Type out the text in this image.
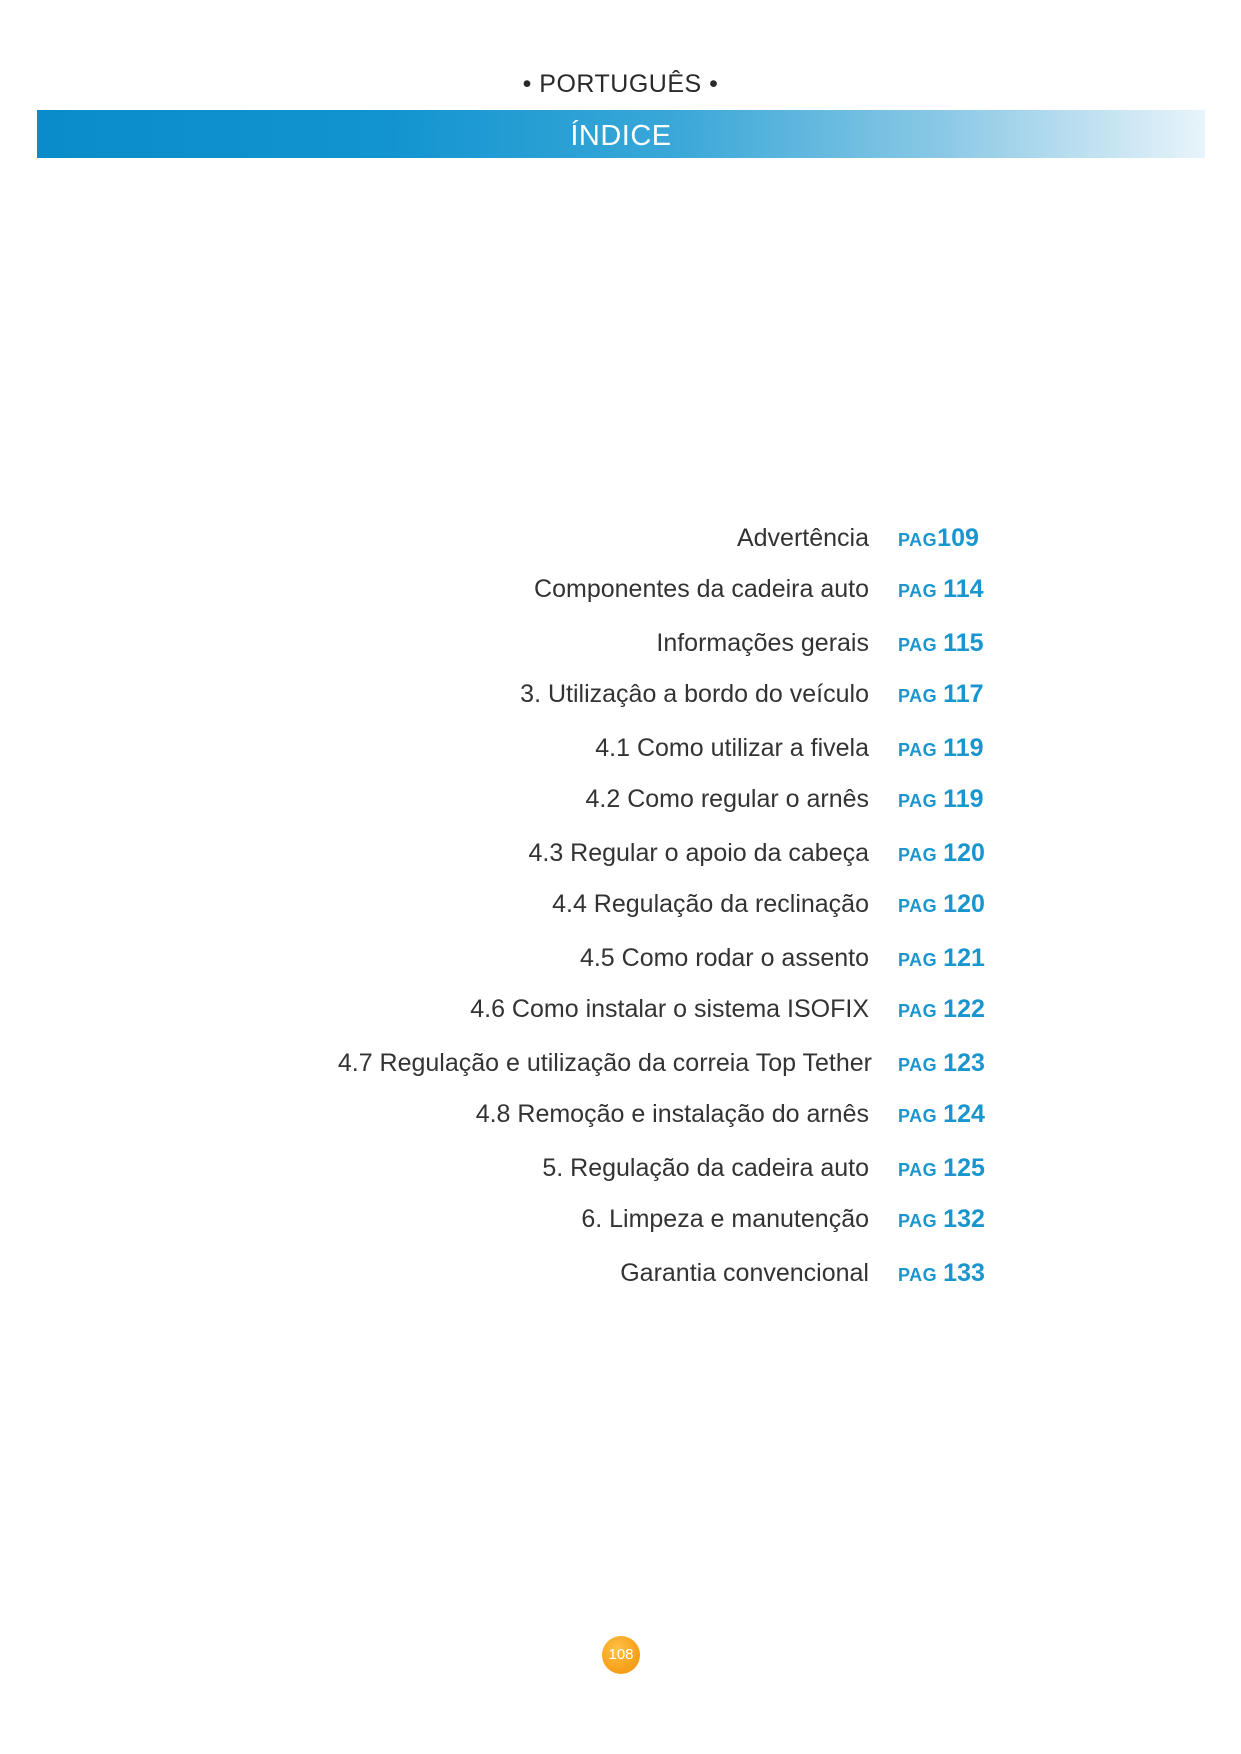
• PORTUGUÊS •
ÍNDICE
Advertência PAG109
Componentes da cadeira auto PAG 114
Informações gerais PAG 115
3. Utilizaçâo a bordo do veículo PAG 117
4.1 Como utilizar a fivela PAG 119
4.2 Como regular o arnês PAG 119
4.3 Regular o apoio da cabeça PAG 120
4.4 Regulação da reclinação PAG 120
4.5 Como rodar o assento PAG 121
4.6 Como instalar o sistema ISOFIX PAG 122
4.7 Regulação e utilização da correia Top Tether PAG 123
4.8 Remoção e instalação do arnês PAG 124
5. Regulação da cadeira auto PAG 125
6. Limpeza e manutenção PAG 132
Garantia convencional PAG 133
108
